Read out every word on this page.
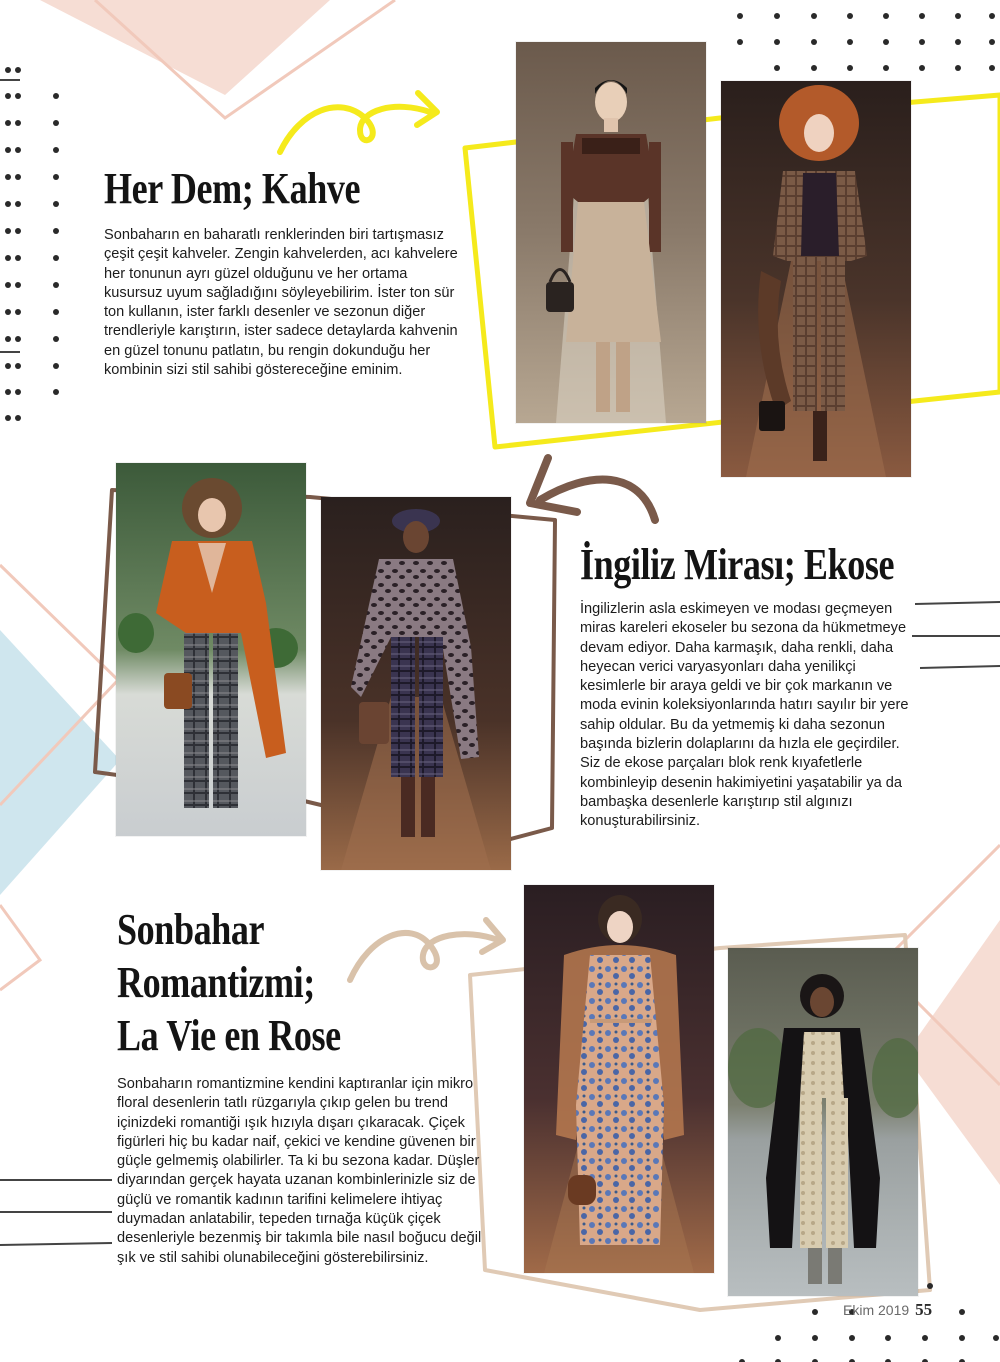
Her Dem; Kahve

Sonbaharın en baharatlı renklerinden biri tartışmasız çeşit çeşit kahveler. Zengin kahvelerden, acı kahvelere her tonunun ayrı güzel olduğunu ve her ortama kusursuz uyum sağladığını söyleyebilirim. İster ton sür ton kullanın, ister farklı desenler ve sezonun diğer trendleriyle karıştırın, ister sadece detaylarda kahvenin en güzel tonunu patlatın, bu rengin dokunduğu her kombinin sizi stil sahibi göstereceğine eminim.

İngiliz Mirası; Ekose

İngilizlerin asla eskimeyen ve modası geçmeyen miras kareleri ekoseler bu sezona da hükmetmeye devam ediyor. Daha karmaşık, daha renkli, daha heyecan verici varyasyonları daha yenilikçi kesimlerle bir araya geldi ve bir çok markanın ve moda evinin koleksiyonlarında hatırı sayılır bir yere sahip oldular. Bu da yetmemiş ki daha sezonun başında bizlerin dolaplarını da hızla ele geçirdiler. Siz de ekose parçaları blok renk kıyafetlerle kombinleyip desenin hakimiyetini yaşatabilir ya da bambaşka desenlerle karıştırıp stil algınızı konuşturabilirsiniz.

Sonbahar
Romantizmi;
La Vie en Rose

Sonbaharın romantizmine kendini kaptıranlar için mikro floral desenlerin tatlı rüzgarıyla çıkıp gelen bu trend içinizdeki romantiği ışık hızıyla dışarı çıkaracak. Çiçek figürleri hiç bu kadar naif, çekici ve kendine güvenen bir güçle gelmemiş olabilirler. Ta ki bu sezona kadar. Düşler diyarından gerçek hayata uzanan kombinlerinizle siz de güçlü ve romantik kadının tarifini kelimelere ihtiyaç duymadan anlatabilir, tepeden tırnağa küçük çiçek desenleriyle bezenmiş bir takımla bile nasıl boğucu değil şık ve stil sahibi olunabileceğini gösterebilirsiniz.

Ekim 2019 55
